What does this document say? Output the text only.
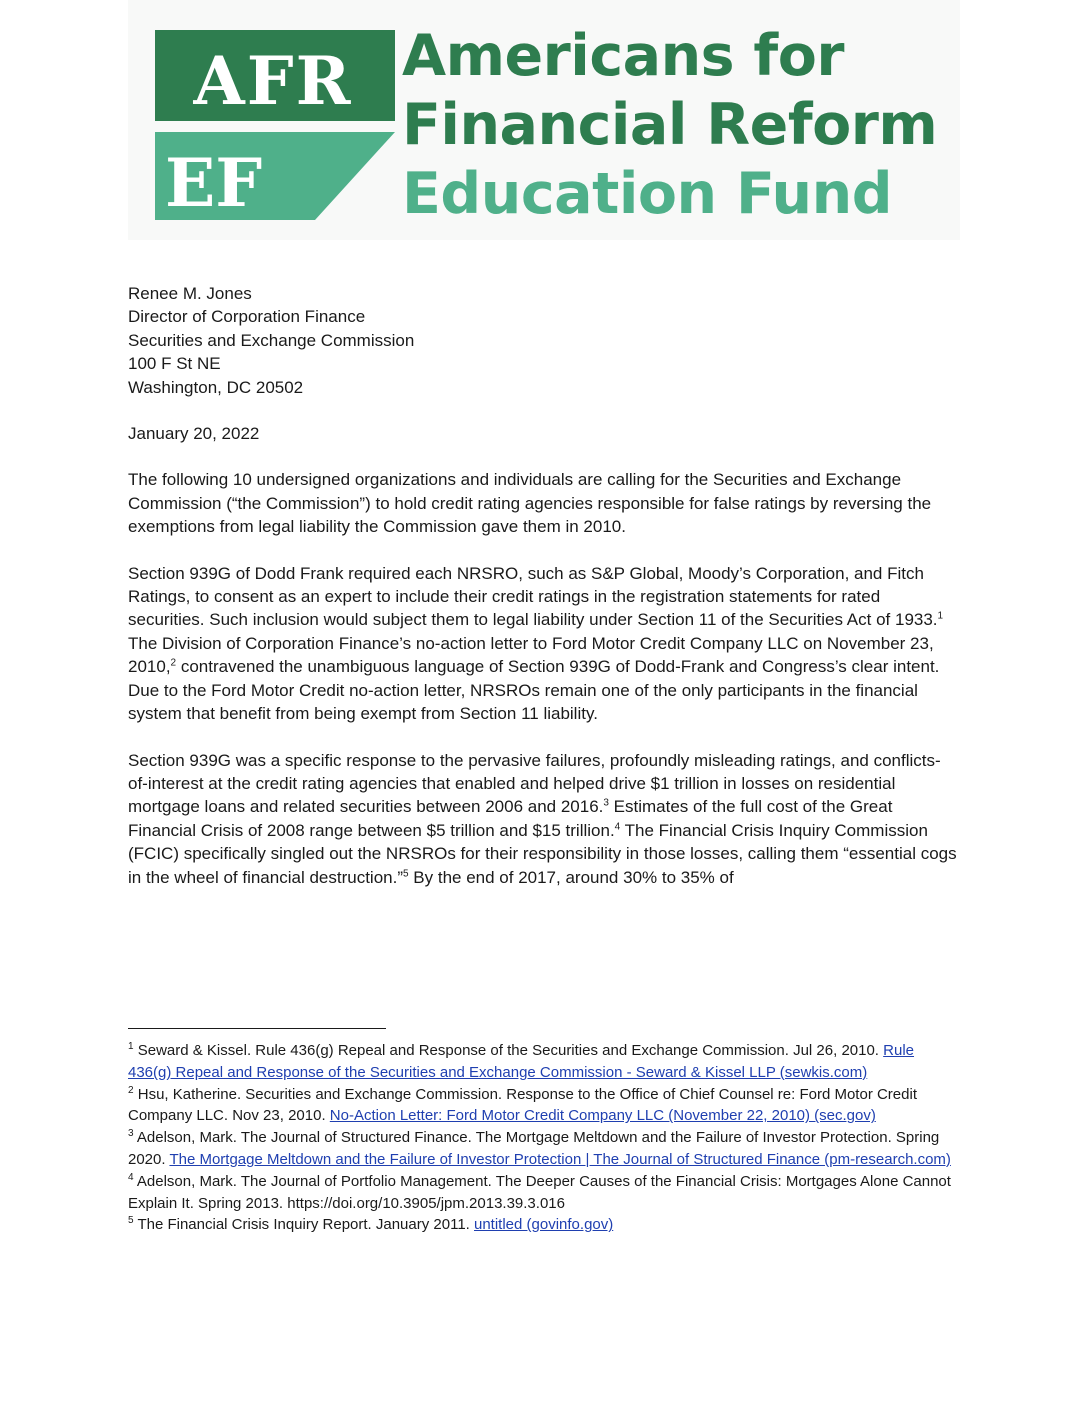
AFR
EF
Americans for
Financial Reform
Education Fund
Renee M. Jones
Director of Corporation Finance
Securities and Exchange Commission
100 F St NE
Washington, DC 20502
January 20, 2022

The following 10 undersigned organizations and individuals are calling for the Securities and Exchange Commission (“the Commission”) to hold credit rating agencies responsible for false ratings by reversing the exemptions from legal liability the Commission gave them in 2010.

Section 939G of Dodd Frank required each NRSRO, such as S&P Global, Moody’s Corporation, and Fitch Ratings, to consent as an expert to include their credit ratings in the registration statements for rated securities. Such inclusion would subject them to legal liability under Section 11 of the Securities Act of 1933.$^1$ The Division of Corporation Finance’s no-action letter to Ford Motor Credit Company LLC on November 23, 2010,$^2$ contravened the unambiguous language of Section 939G of Dodd-Frank and Congress’s clear intent. Due to the Ford Motor Credit no-action letter, NRSROs remain one of the only participants in the financial system that benefit from being exempt from Section 11 liability.

Section 939G was a specific response to the pervasive failures, profoundly misleading ratings, and conflicts-of-interest at the credit rating agencies that enabled and helped drive $1 trillion in losses on residential mortgage loans and related securities between 2006 and 2016.$^3$ Estimates of the full cost of the Great Financial Crisis of 2008 range between $5 trillion and $15 trillion.$^4$ The Financial Crisis Inquiry Commission (FCIC) specifically singled out the NRSROs for their responsibility in those losses, calling them “essential cogs in the wheel of financial destruction.”$^5$ By the end of 2017, around 30% to 35% of

$^1$ Seward & Kissel. Rule 436(g) Repeal and Response of the Securities and Exchange Commission. Jul 26, 2010. Rule 436(g) Repeal and Response of the Securities and Exchange Commission - Seward & Kissel LLP (sewkis.com)

$^2$ Hsu, Katherine. Securities and Exchange Commission. Response to the Office of Chief Counsel re: Ford Motor Credit Company LLC. Nov 23, 2010. No-Action Letter: Ford Motor Credit Company LLC (November 22, 2010) (sec.gov)

$^3$ Adelson, Mark. The Journal of Structured Finance. The Mortgage Meltdown and the Failure of Investor Protection. Spring 2020. The Mortgage Meltdown and the Failure of Investor Protection | The Journal of Structured Finance (pm-research.com)

$^4$ Adelson, Mark. The Journal of Portfolio Management. The Deeper Causes of the Financial Crisis: Mortgages Alone Cannot Explain It. Spring 2013. https://doi.org/10.3905/jpm.2013.39.3.016

$^5$ The Financial Crisis Inquiry Report. January 2011. untitled (govinfo.gov)
